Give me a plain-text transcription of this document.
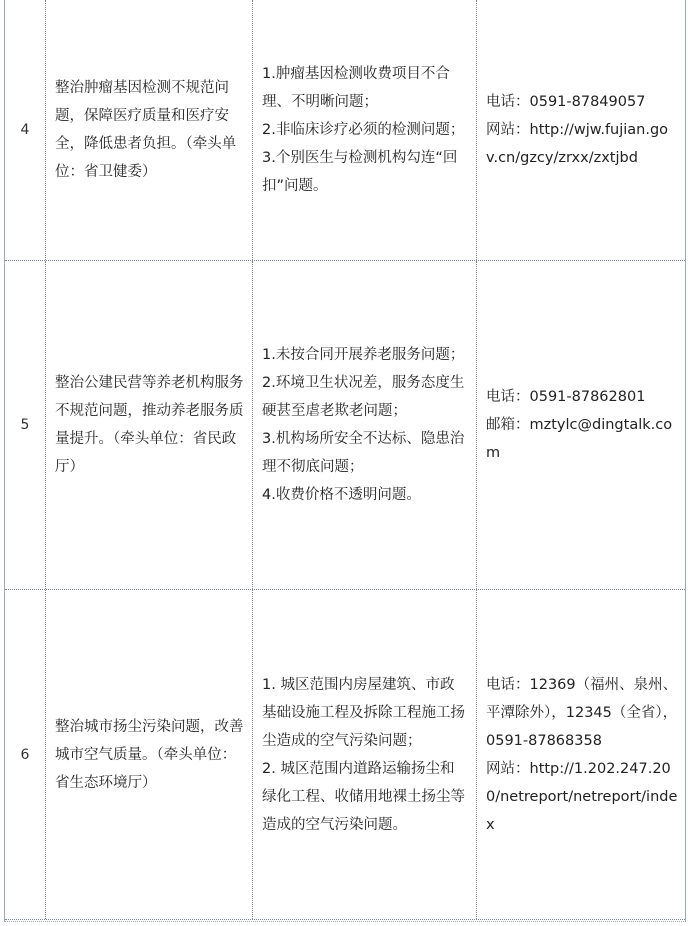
4
整治肿瘤基因检测不规范问题，保障医疗质量和医疗安全，降低患者负担。（牵头单位：省卫健委）
1.肿瘤基因检测收费项目不合理、不明晰问题；
2.非临床诊疗必须的检测问题；
3.个别医生与检测机构勾连“回扣”问题。
电话：0591-87849057
网站：http://wjw.fujian.gov.cn/gzcy/zrxx/zxtjbd
5
整治公建民营等养老机构服务不规范问题，推动养老服务质量提升。（牵头单位：省民政厅）
1.未按合同开展养老服务问题；
2.环境卫生状况差，服务态度生硬甚至虐老欺老问题；
3.机构场所安全不达标、隐患治理不彻底问题；
4.收费价格不透明问题。
电话：0591-87862801
邮箱：mztylc@dingtalk.com
6
整治城市扬尘污染问题，改善城市空气质量。（牵头单位：省生态环境厅）
1. 城区范围内房屋建筑、市政基础设施工程及拆除工程施工扬尘造成的空气污染问题；
2. 城区范围内道路运输扬尘和绿化工程、收储用地裸土扬尘等造成的空气污染问题。
电话：12369（福州、泉州、平潭除外），12345（全省），0591-87868358
网站：http://1.202.247.200/netreport/netreport/index
